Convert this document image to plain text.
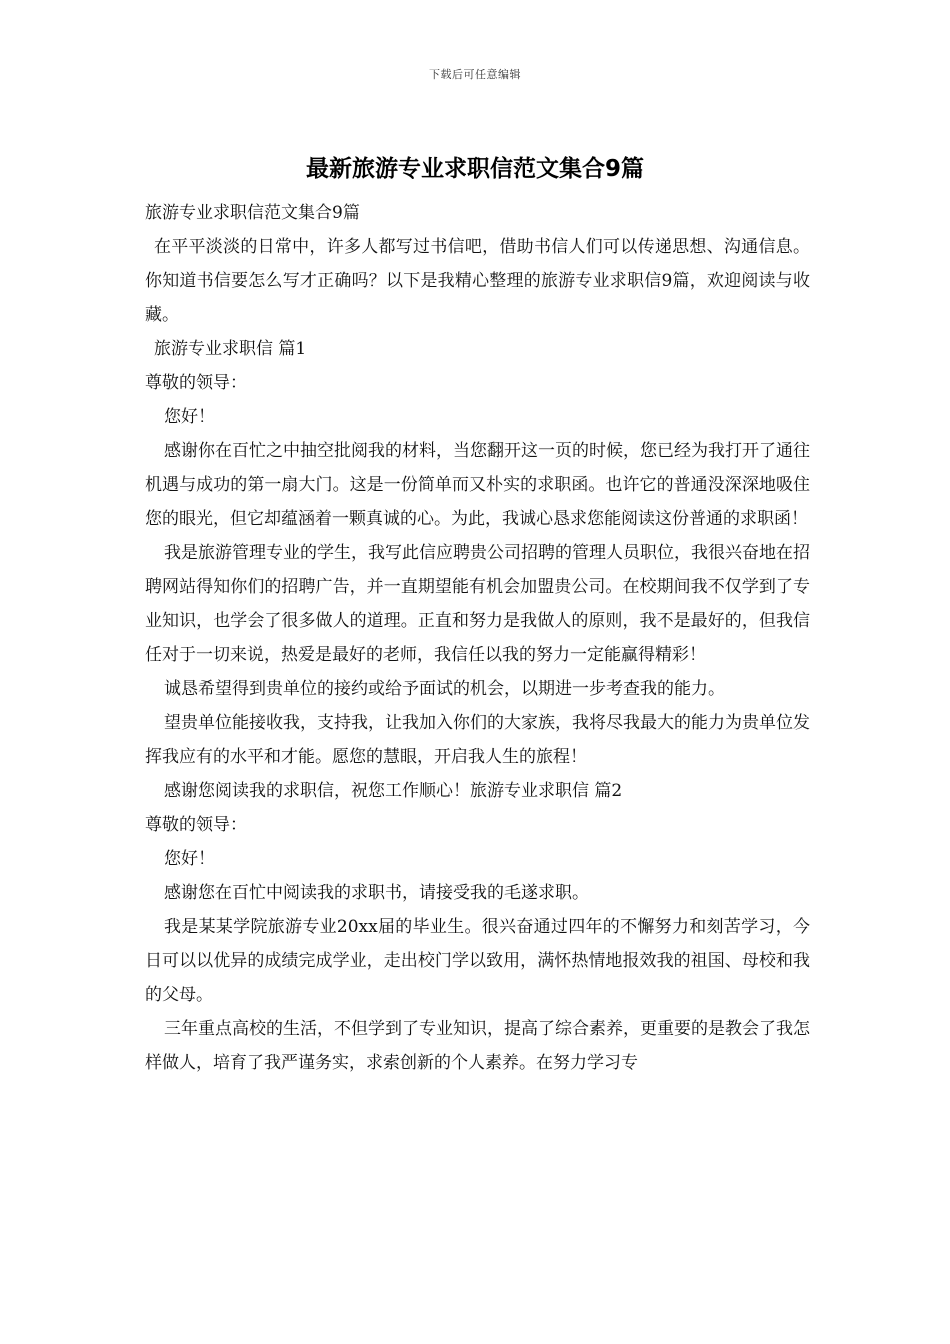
下载后可任意编辑
最新旅游专业求职信范文集合9篇

旅游专业求职信范文集合9篇

在平平淡淡的日常中，许多人都写过书信吧，借助书信人们可以传递思想、沟通信息。你知道书信要怎么写才正确吗？以下是我精心整理的旅游专业求职信9篇，欢迎阅读与收藏。

旅游专业求职信 篇1

尊敬的领导：

您好！

感谢你在百忙之中抽空批阅我的材料，当您翻开这一页的时候，您已经为我打开了通往机遇与成功的第一扇大门。这是一份简单而又朴实的求职函。也许它的普通没深深地吸住您的眼光，但它却蕴涵着一颗真诚的心。为此，我诚心恳求您能阅读这份普通的求职函！

我是旅游管理专业的学生，我写此信应聘贵公司招聘的管理人员职位，我很兴奋地在招聘网站得知你们的招聘广告，并一直期望能有机会加盟贵公司。在校期间我不仅学到了专业知识，也学会了很多做人的道理。正直和努力是我做人的原则，我不是最好的，但我信任对于一切来说，热爱是最好的老师，我信任以我的努力一定能赢得精彩！

诚恳希望得到贵单位的接约或给予面试的机会，以期进一步考查我的能力。

望贵单位能接收我，支持我，让我加入你们的大家族，我将尽我最大的能力为贵单位发挥我应有的水平和才能。愿您的慧眼，开启我人生的旅程！

感谢您阅读我的求职信，祝您工作顺心！旅游专业求职信 篇2

尊敬的领导：

您好！

感谢您在百忙中阅读我的求职书，请接受我的毛遂求职。

我是某某学院旅游专业20xx届的毕业生。很兴奋通过四年的不懈努力和刻苦学习，今日可以以优异的成绩完成学业，走出校门学以致用，满怀热情地报效我的祖国、母校和我的父母。

三年重点高校的生活，不但学到了专业知识，提高了综合素养，更重要的是教会了我怎样做人，培育了我严谨务实，求索创新的个人素养。在努力学习专
